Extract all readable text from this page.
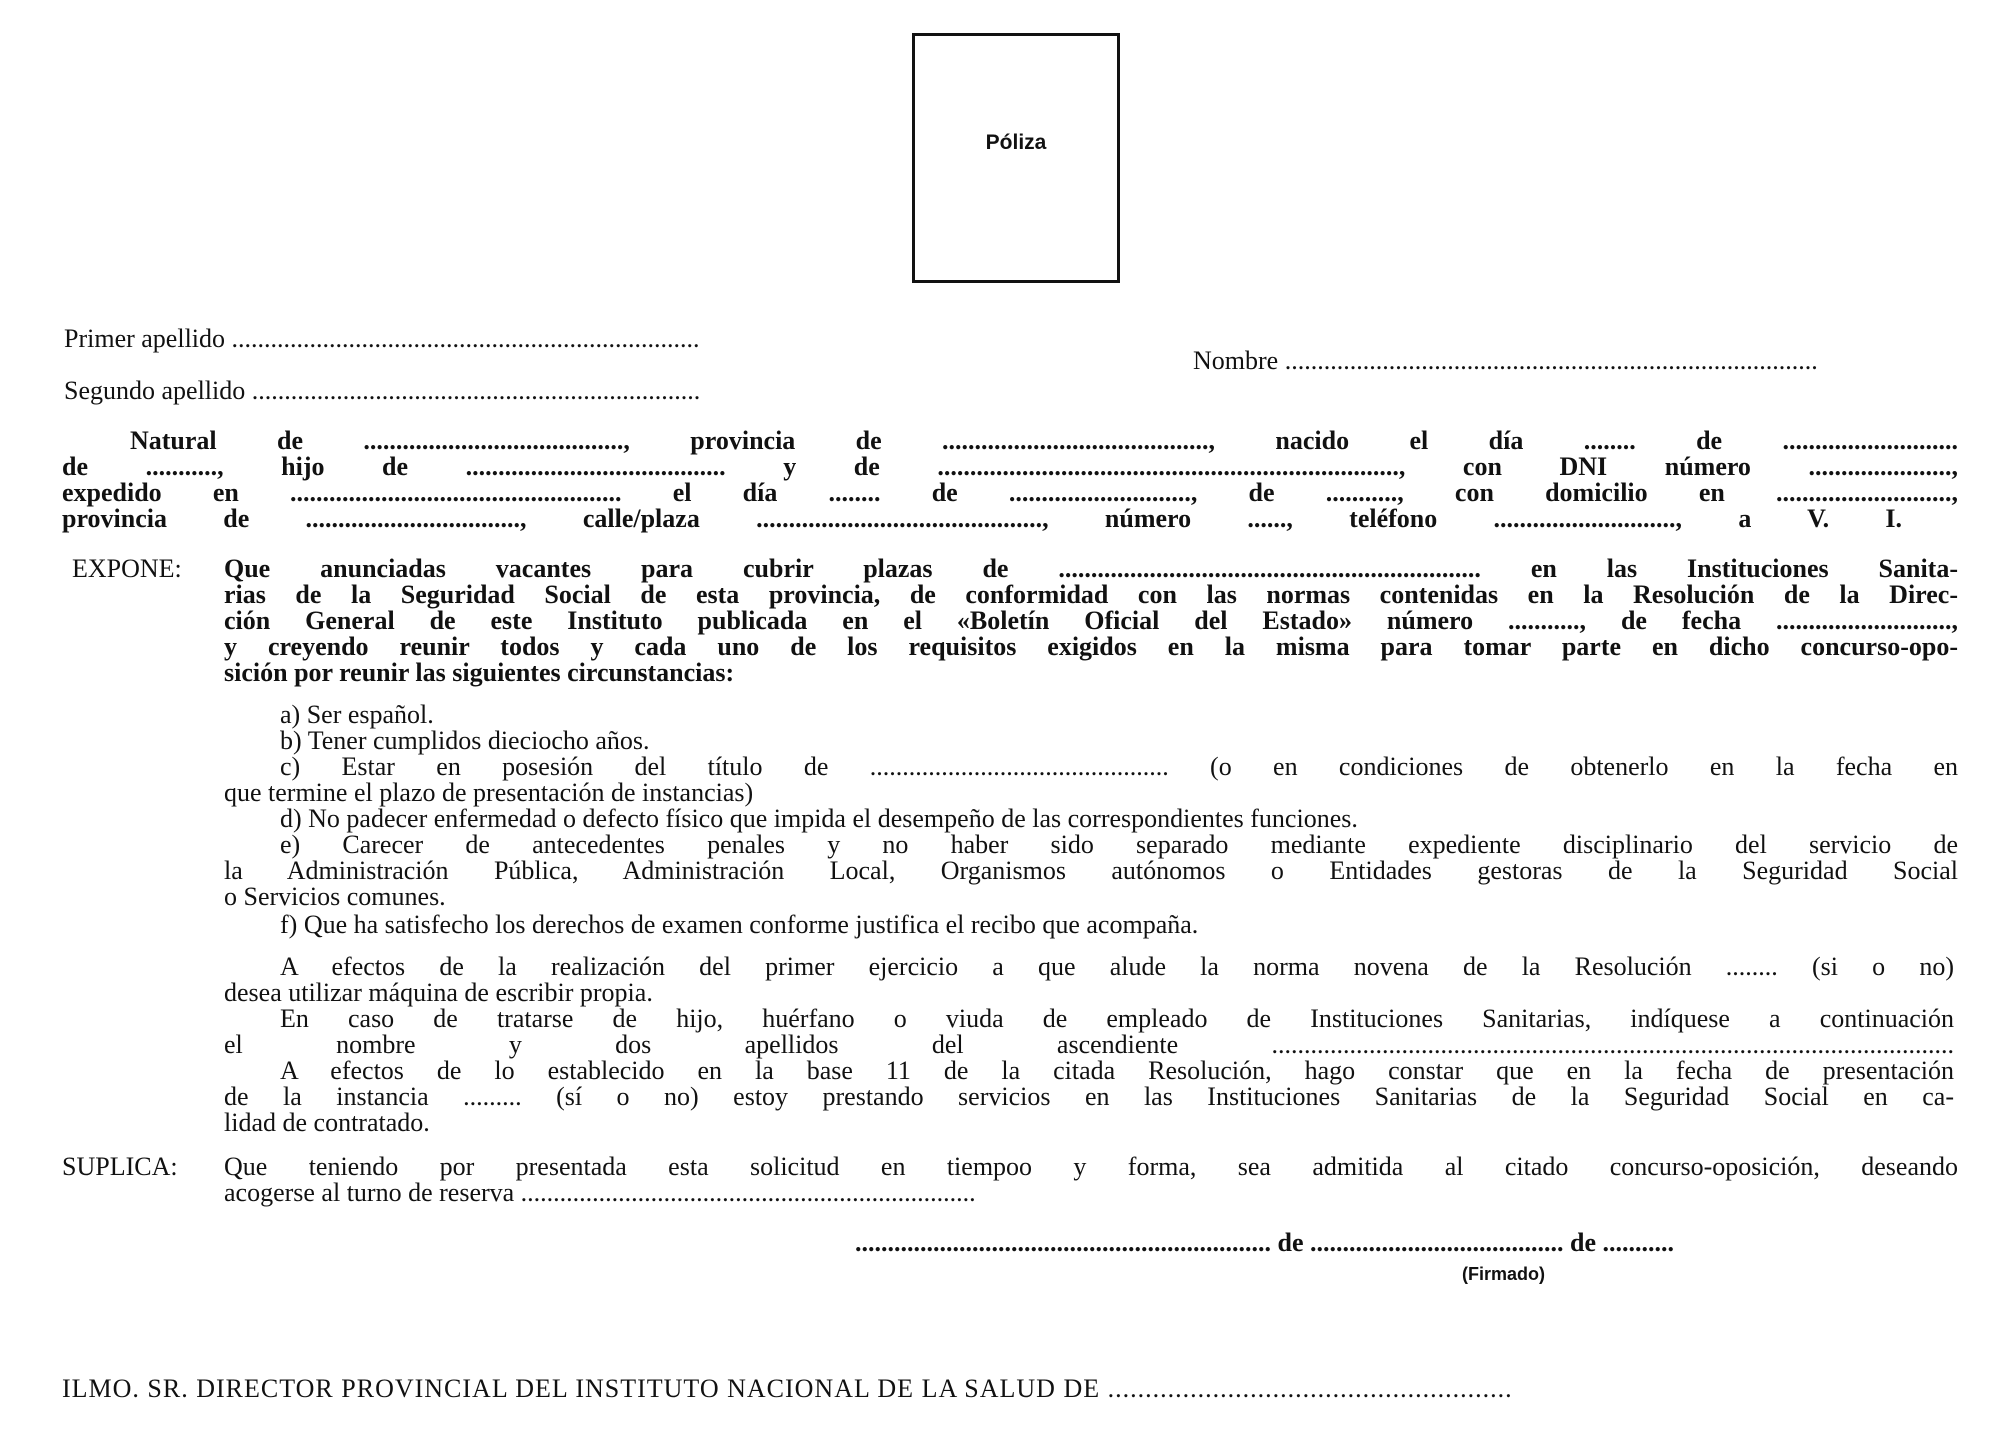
Póliza
Primer apellido ........................................................................
Nombre ..................................................................................
Segundo apellido .....................................................................
Natural de ........................................, provincia de ........................................., nacido el día ........ de ...........................
de ..........., hijo de ........................................ y de ......................................................................., con DNI número ......................,
expedido en ................................................... el día ........ de ............................, de ..........., con domicilio en ...........................,
provincia de ................................., calle/plaza ............................................, número ......, teléfono ............................, a V. I.
EXPONE: Que anunciadas vacantes para cubrir plazas de ................................................................. en las Instituciones Sanita-
rias de la Seguridad Social de esta provincia, de conformidad con las normas contenidas en la Resolución de la Direc-
ción General de este Instituto publicada en el «Boletín Oficial del Estado» número ..........., de fecha ...........................,
y creyendo reunir todos y cada uno de los requisitos exigidos en la misma para tomar parte en dicho concurso-opo-
sición por reunir las siguientes circunstancias:
a) Ser español.
b) Tener cumplidos dieciocho años.
c) Estar en posesión del título de .............................................. (o en condiciones de obtenerlo en la fecha en
que termine el plazo de presentación de instancias)
d) No padecer enfermedad o defecto físico que impida el desempeño de las correspondientes funciones.
e) Carecer de antecedentes penales y no haber sido separado mediante expediente disciplinario del servicio de
la Administración Pública, Administración Local, Organismos autónomos o Entidades gestoras de la Seguridad Social
o Servicios comunes.
f) Que ha satisfecho los derechos de examen conforme justifica el recibo que acompaña.
A efectos de la realización del primer ejercicio a que alude la norma novena de la Resolución ........ (si o no)
desea utilizar máquina de escribir propia.
En caso de tratarse de hijo, huérfano o viuda de empleado de Instituciones Sanitarias, indíquese a continuación
el nombre y dos apellidos del ascendiente .........................................................................................................
A efectos de lo establecido en la base 11 de la citada Resolución, hago constar que en la fecha de presentación
de la instancia ......... (sí o no) estoy prestando servicios en las Instituciones Sanitarias de la Seguridad Social en ca-
lidad de contratado.
SUPLICA: Que teniendo por presentada esta solicitud en tiempoo y forma, sea admitida al citado concurso-oposición, deseando
acogerse al turno de reserva ......................................................................
................................................................ de ....................................... de ...........
(Firmado)
ILMO. SR. DIRECTOR PROVINCIAL DEL INSTITUTO NACIONAL DE LA SALUD DE ......................................................
